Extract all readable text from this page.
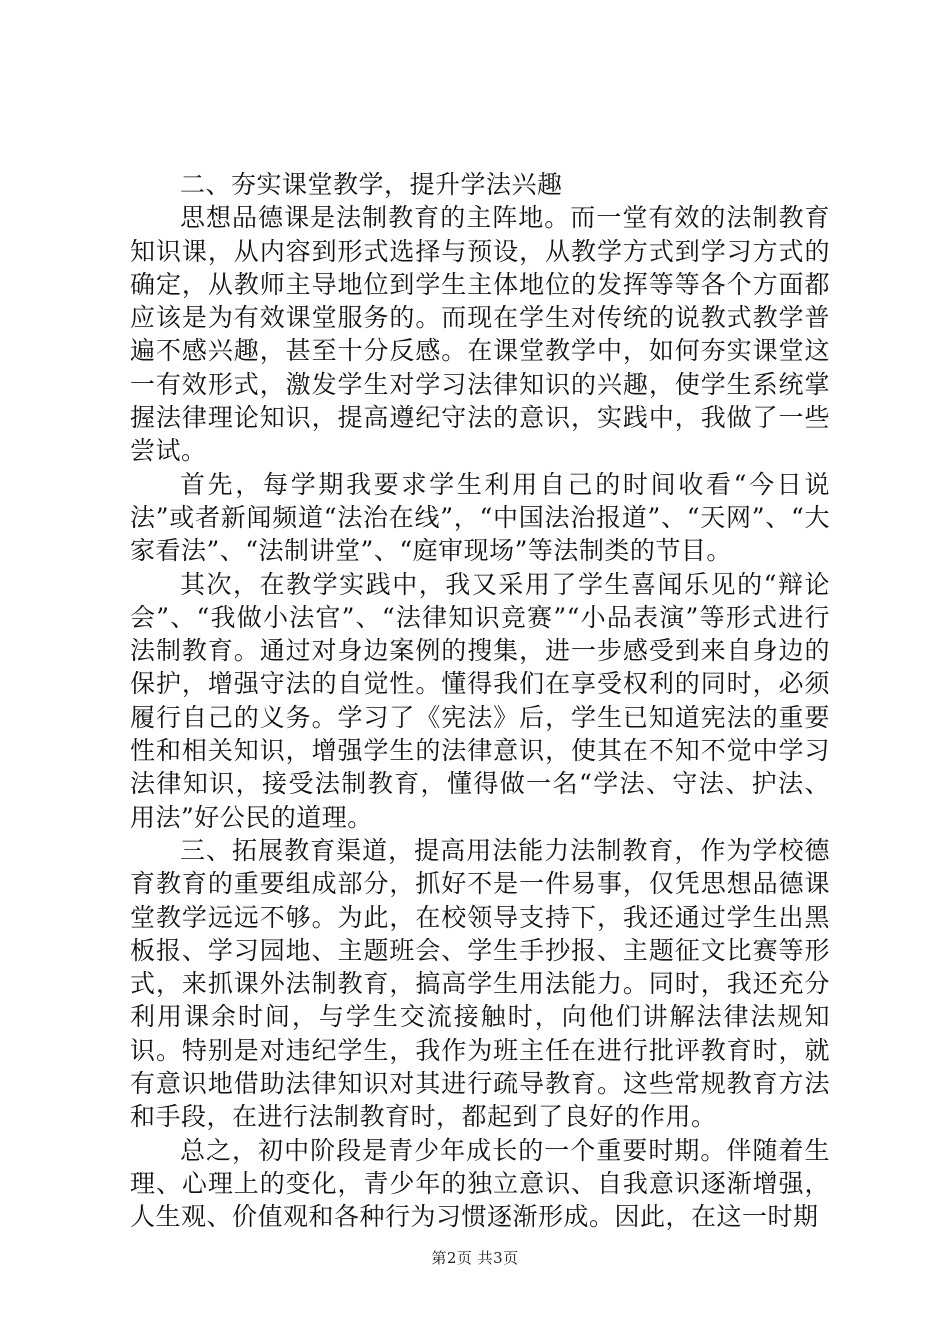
二、夯实课堂教学，提升学法兴趣

思想品德课是法制教育的主阵地。而一堂有效的法制教育知识课，从内容到形式选择与预设，从教学方式到学习方式的确定，从教师主导地位到学生主体地位的发挥等等各个方面都应该是为有效课堂服务的。而现在学生对传统的说教式教学普遍不感兴趣，甚至十分反感。在课堂教学中，如何夯实课堂这一有效形式，激发学生对学习法律知识的兴趣，使学生系统掌握法律理论知识，提高遵纪守法的意识，实践中，我做了一些尝试。

首先，每学期我要求学生利用自己的时间收看“今日说法”或者新闻频道“法治在线”，“中国法治报道”、“天网”、“大家看法”、“法制讲堂”、“庭审现场”等法制类的节目。

其次，在教学实践中，我又采用了学生喜闻乐见的“辩论会”、“我做小法官”、“法律知识竞赛”“小品表演”等形式进行法制教育。通过对身边案例的搜集，进一步感受到来自身边的保护，增强守法的自觉性。懂得我们在享受权利的同时，必须履行自己的义务。学习了《宪法》后，学生已知道宪法的重要性和相关知识，增强学生的法律意识，使其在不知不觉中学习法律知识，接受法制教育，懂得做一名“学法、守法、护法、用法”好公民的道理。

三、拓展教育渠道，提高用法能力法制教育，作为学校德育教育的重要组成部分，抓好不是一件易事，仅凭思想品德课堂教学远远不够。为此，在校领导支持下，我还通过学生出黑板报、学习园地、主题班会、学生手抄报、主题征文比赛等形式，来抓课外法制教育，搞高学生用法能力。同时，我还充分利用课余时间，与学生交流接触时，向他们讲解法律法规知识。特别是对违纪学生，我作为班主任在进行批评教育时，就有意识地借助法律知识对其进行疏导教育。这些常规教育方法和手段，在进行法制教育时，都起到了良好的作用。

总之，初中阶段是青少年成长的一个重要时期。伴随着生理、心理上的变化，青少年的独立意识、自我意识逐渐增强，人生观、价值观和各种行为习惯逐渐形成。因此，在这一时期

第2页 共3页
